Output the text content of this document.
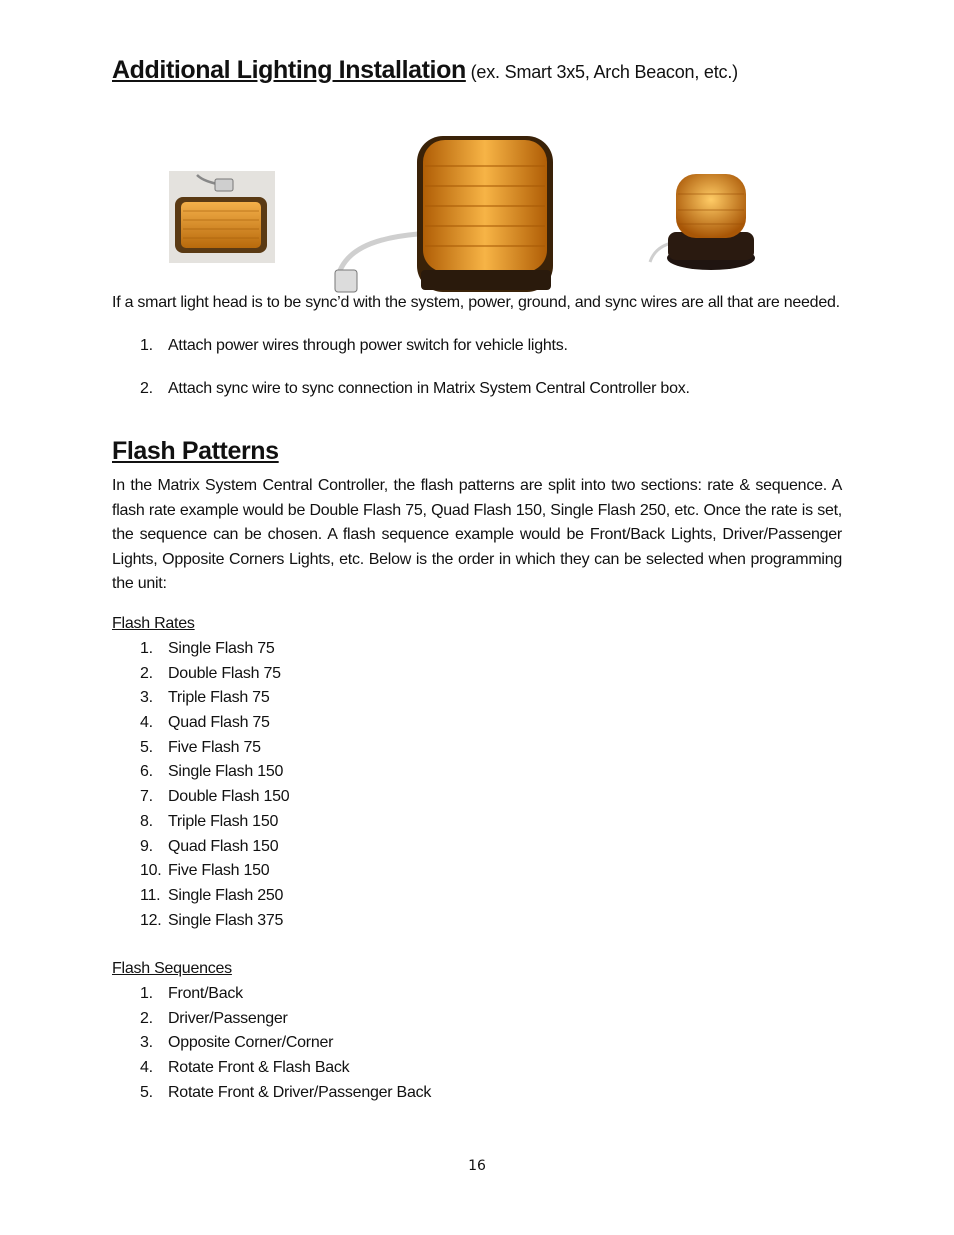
Additional Lighting Installation (ex. Smart 3x5, Arch Beacon, etc.)
If a smart light head is to be sync’d with the system, power, ground, and sync wires are all that are needed.
1. Attach power wires through power switch for vehicle lights.
2. Attach sync wire to sync connection in Matrix System Central Controller box.
Flash Patterns
In the Matrix System Central Controller, the flash patterns are split into two sections: rate & sequence. A flash rate example would be Double Flash 75, Quad Flash 150, Single Flash 250, etc. Once the rate is set, the sequence can be chosen. A flash sequence example would be Front/Back Lights, Driver/Passenger Lights, Opposite Corners Lights, etc. Below is the order in which they can be selected when programming the unit:
Flash Rates
1. Single Flash 75
2. Double Flash 75
3. Triple Flash 75
4. Quad Flash 75
5. Five Flash 75
6. Single Flash 150
7. Double Flash 150
8. Triple Flash 150
9. Quad Flash 150
10. Five Flash 150
11. Single Flash 250
12. Single Flash 375
Flash Sequences
1. Front/Back
2. Driver/Passenger
3. Opposite Corner/Corner
4. Rotate Front & Flash Back
5. Rotate Front & Driver/Passenger Back
16
